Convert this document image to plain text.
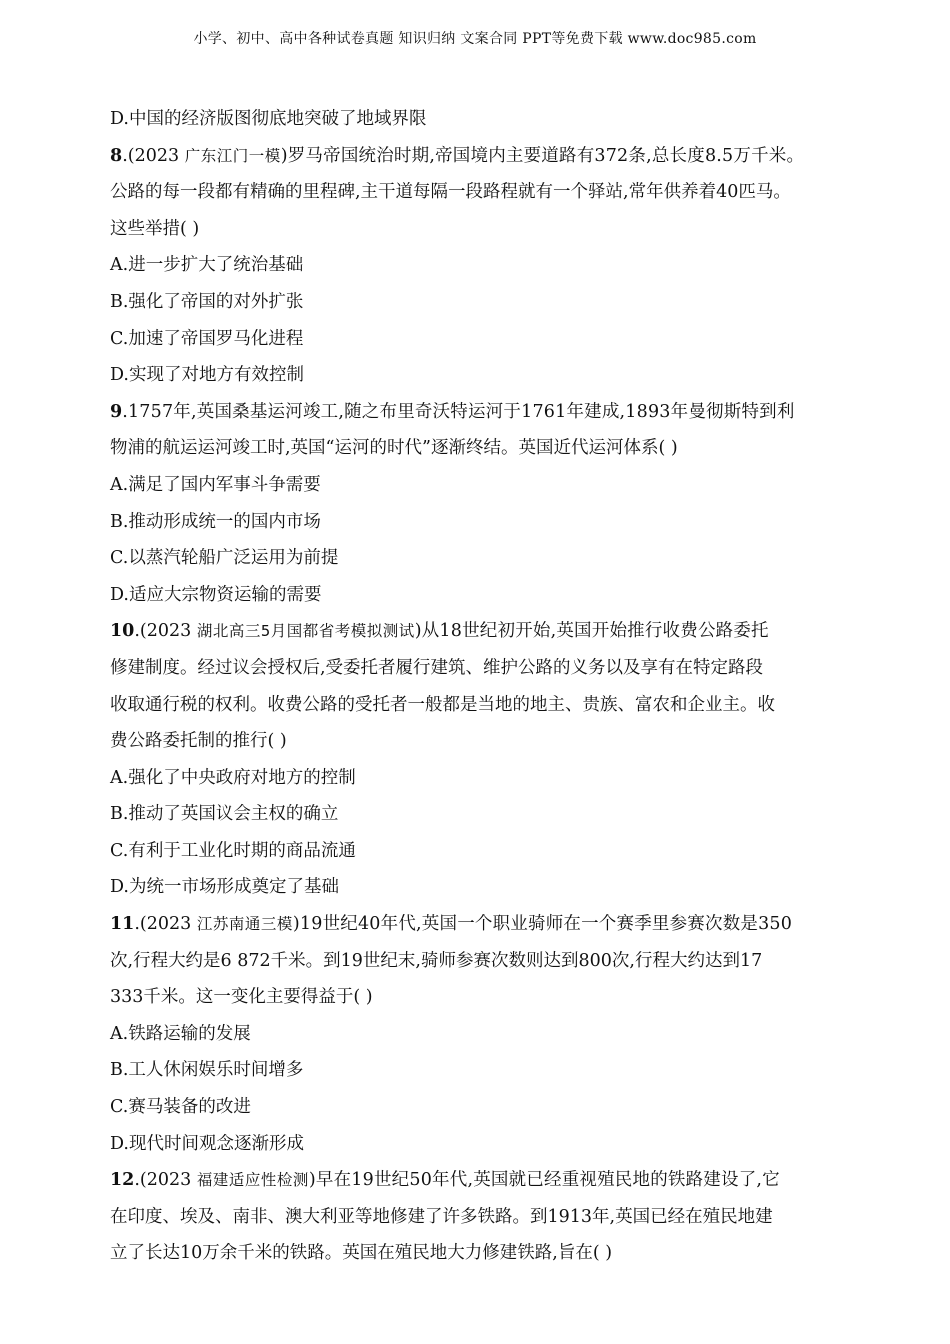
小学、初中、高中各种试卷真题 知识归纳 文案合同 PPT等免费下载 www.doc985.com
D.中国的经济版图彻底地突破了地域界限
8.(2023 广东江门一模)罗马帝国统治时期,帝国境内主要道路有372条,总长度8.5万千米。
公路的每一段都有精确的里程碑,主干道每隔一段路程就有一个驿站,常年供养着40匹马。
这些举措( )
A.进一步扩大了统治基础
B.强化了帝国的对外扩张
C.加速了帝国罗马化进程
D.实现了对地方有效控制
9.1757年,英国桑基运河竣工,随之布里奇沃特运河于1761年建成,1893年曼彻斯特到利
物浦的航运运河竣工时,英国“运河的时代”逐渐终结。英国近代运河体系( )
A.满足了国内军事斗争需要
B.推动形成统一的国内市场
C.以蒸汽轮船广泛运用为前提
D.适应大宗物资运输的需要
10.(2023 湖北高三5月国都省考模拟测试)从18世纪初开始,英国开始推行收费公路委托
修建制度。经过议会授权后,受委托者履行建筑、维护公路的义务以及享有在特定路段
收取通行税的权利。收费公路的受托者一般都是当地的地主、贵族、富农和企业主。收
费公路委托制的推行( )
A.强化了中央政府对地方的控制
B.推动了英国议会主权的确立
C.有利于工业化时期的商品流通
D.为统一市场形成奠定了基础
11.(2023 江苏南通三模)19世纪40年代,英国一个职业骑师在一个赛季里参赛次数是350
次,行程大约是6 872千米。到19世纪末,骑师参赛次数则达到800次,行程大约达到17
333千米。这一变化主要得益于( )
A.铁路运输的发展
B.工人休闲娱乐时间增多
C.赛马装备的改进
D.现代时间观念逐渐形成
12.(2023 福建适应性检测)早在19世纪50年代,英国就已经重视殖民地的铁路建设了,它
在印度、埃及、南非、澳大利亚等地修建了许多铁路。到1913年,英国已经在殖民地建
立了长达10万余千米的铁路。英国在殖民地大力修建铁路,旨在( )
